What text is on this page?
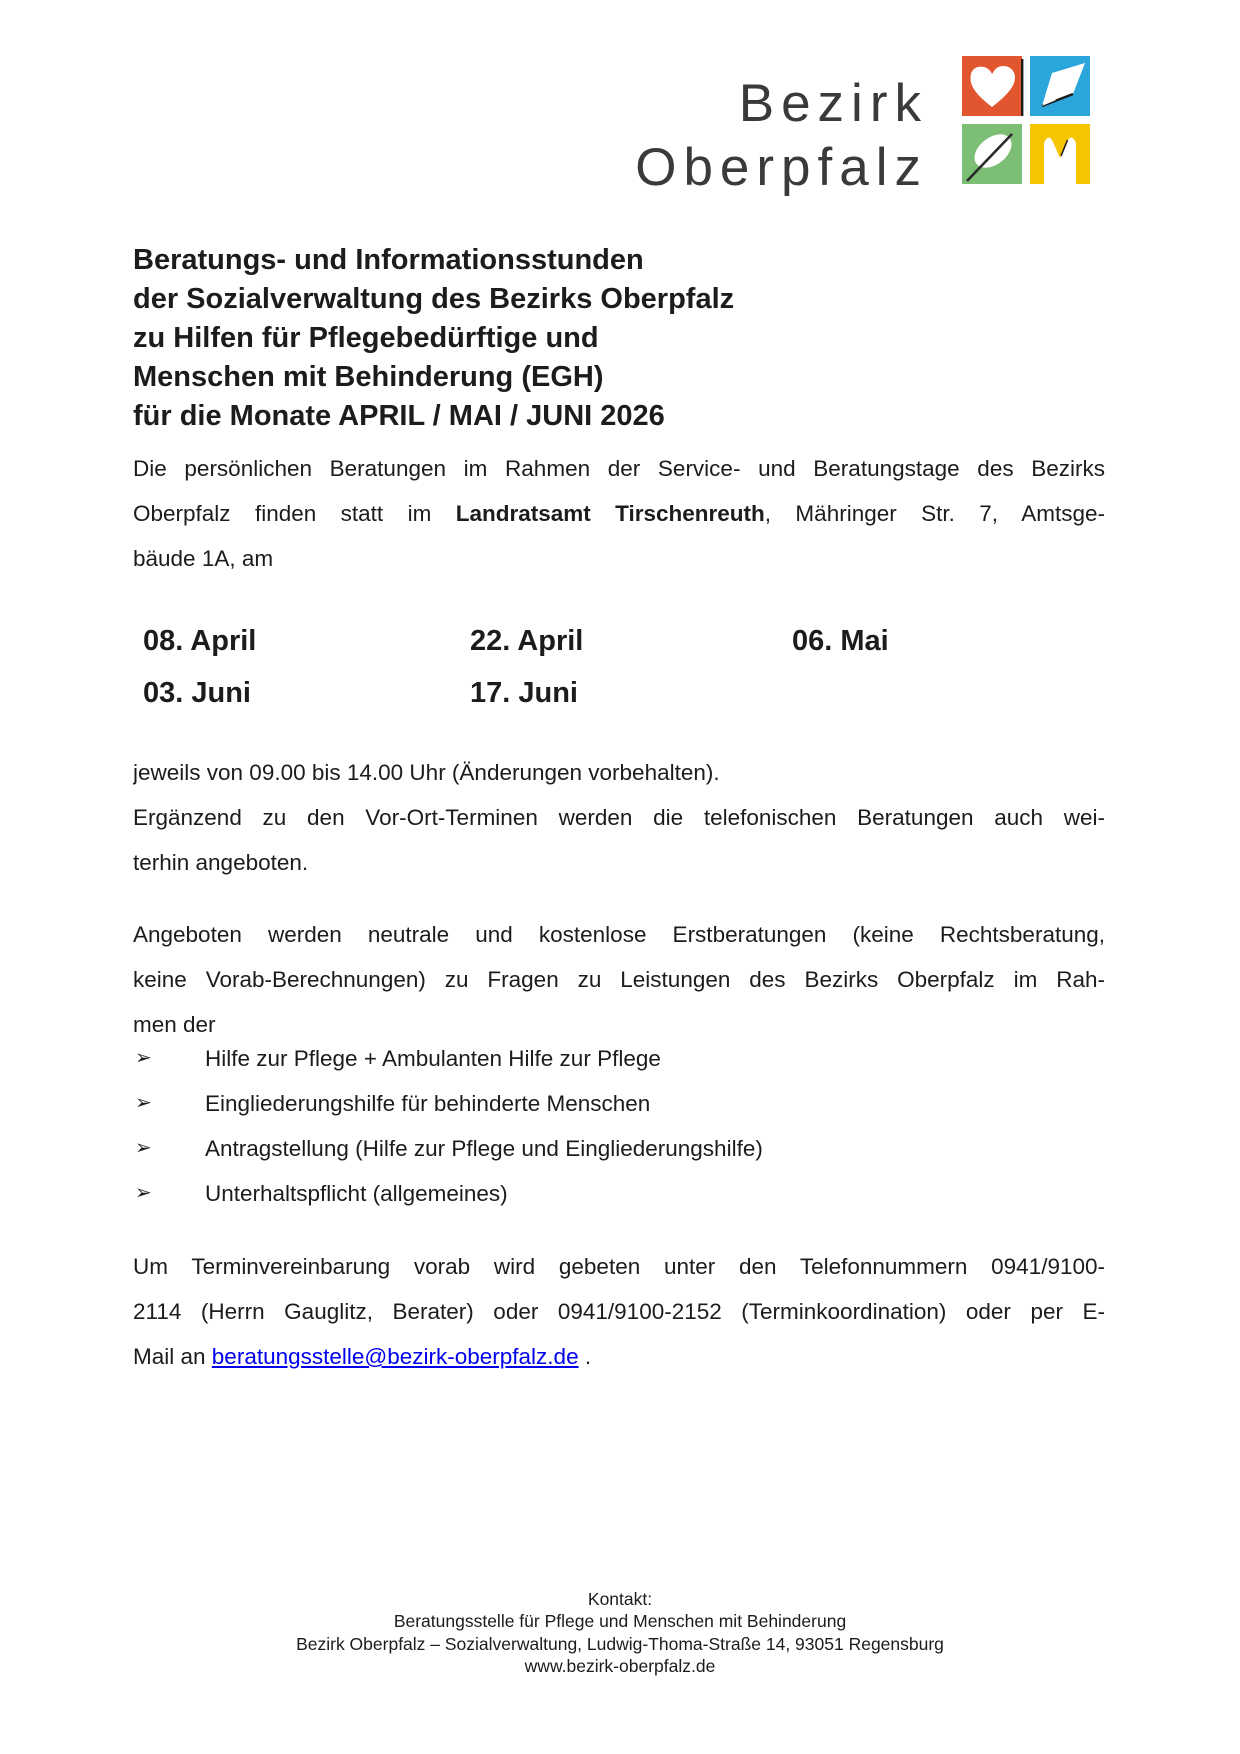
Bezirk
Oberpfalz
Beratungs- und Informationsstunden
der Sozialverwaltung des Bezirks Oberpfalz
zu Hilfen für Pflegebedürftige und
Menschen mit Behinderung (EGH)
für die Monate APRIL / MAI / JUNI 2026
Die persönlichen Beratungen im Rahmen der Service- und Beratungstage des Bezirks
Oberpfalz finden statt im Landratsamt Tirschenreuth, Mähringer Str. 7, Amtsge-
bäude 1A, am
08. April	22. April	06. Mai
03. Juni	17. Juni
jeweils von 09.00 bis 14.00 Uhr (Änderungen vorbehalten).
Ergänzend zu den Vor-Ort-Terminen werden die telefonischen Beratungen auch wei-
terhin angeboten.
Angeboten werden neutrale und kostenlose Erstberatungen (keine Rechtsberatung,
keine Vorab-Berechnungen) zu Fragen zu Leistungen des Bezirks Oberpfalz im Rah-
men der
➢ Hilfe zur Pflege + Ambulanten Hilfe zur Pflege
➢ Eingliederungshilfe für behinderte Menschen
➢ Antragstellung (Hilfe zur Pflege und Eingliederungshilfe)
➢ Unterhaltspflicht (allgemeines)
Um Terminvereinbarung vorab wird gebeten unter den Telefonnummern 0941/9100-
2114 (Herrn Gauglitz, Berater) oder 0941/9100-2152 (Terminkoordination) oder per E-
Mail an beratungsstelle@bezirk-oberpfalz.de .
Kontakt:
Beratungsstelle für Pflege und Menschen mit Behinderung
Bezirk Oberpfalz – Sozialverwaltung, Ludwig-Thoma-Straße 14, 93051 Regensburg
www.bezirk-oberpfalz.de
